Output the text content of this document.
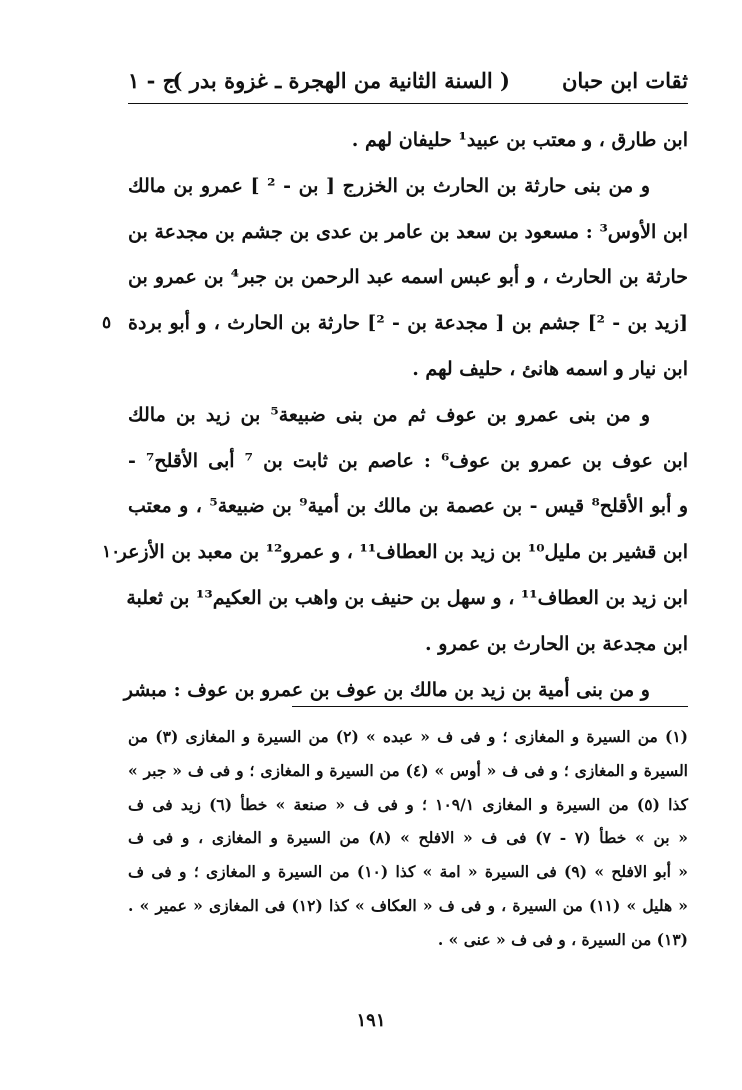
ثقات ابن حبان
( السنة الثانية من الهجرة ـ غزوة بدر )
ج - ١
ابن طارق ، و معتب بن عبيد¹ حليفان لهم .
و من بنى حارثة بن الحارث بن الخزرج [ بن - ² ] عمرو بن مالك
ابن الأوس³ : مسعود بن سعد بن عامر بن عدى بن جشم بن مجدعة بن
حارثة بن الحارث ، و أبو عبس اسمه عبد الرحمن بن جبر⁴ بن عمرو بن
[زيد بن - ²] جشم بن [ مجدعة بن - ²] حارثة بن الحارث ، و أبو بردة
٥
ابن نيار و اسمه هانئ ، حليف لهم .
و من بنى عمرو بن عوف ثم من بنى ضبيعة⁵ بن زيد بن مالك
ابن عوف بن عمرو بن عوف⁶ : عاصم بن ثابت بن ⁷ أبى الأقلح⁷ -
و أبو الأقلح⁸ قيس - بن عصمة بن مالك بن أمية⁹ بن ضبيعة⁵ ، و معتب
ابن قشير بن مليل¹⁰ بن زيد بن العطاف¹¹ ، و عمرو¹² بن معبد بن الأزعر
١٠
ابن زيد بن العطاف¹¹ ، و سهل بن حنيف بن واهب بن العكيم¹³ بن ثعلبة
ابن مجدعة بن الحارث بن عمرو .
و من بنى أمية بن زيد بن مالك بن عوف بن عمرو بن عوف : مبشر
(١) من السيرة و المغازى ؛ و فى ف « عبده » (٢) من السيرة و المغازى (٣) من
السيرة و المغازى ؛ و فى ف « أوس » (٤) من السيرة و المغازى ؛ و فى ف « جبر »
كذا (٥) من السيرة و المغازى ١٠٩/١ ؛ و فى ف « صنعة » خطأ (٦) زيد فى ف
« بن » خطأ (٧ - ٧) فى ف « الافلح » (٨) من السيرة و المغازى ، و فى ف
« أبو الافلح » (٩) فى السيرة « امة » كذا (١٠) من السيرة و المغازى ؛ و فى ف
« هليل » (١١) من السيرة ، و فى ف « العكاف » كذا (١٢) فى المغازى « عمير » .
(١٣) من السيرة ، و فى ف « عنى » .
١٩١
